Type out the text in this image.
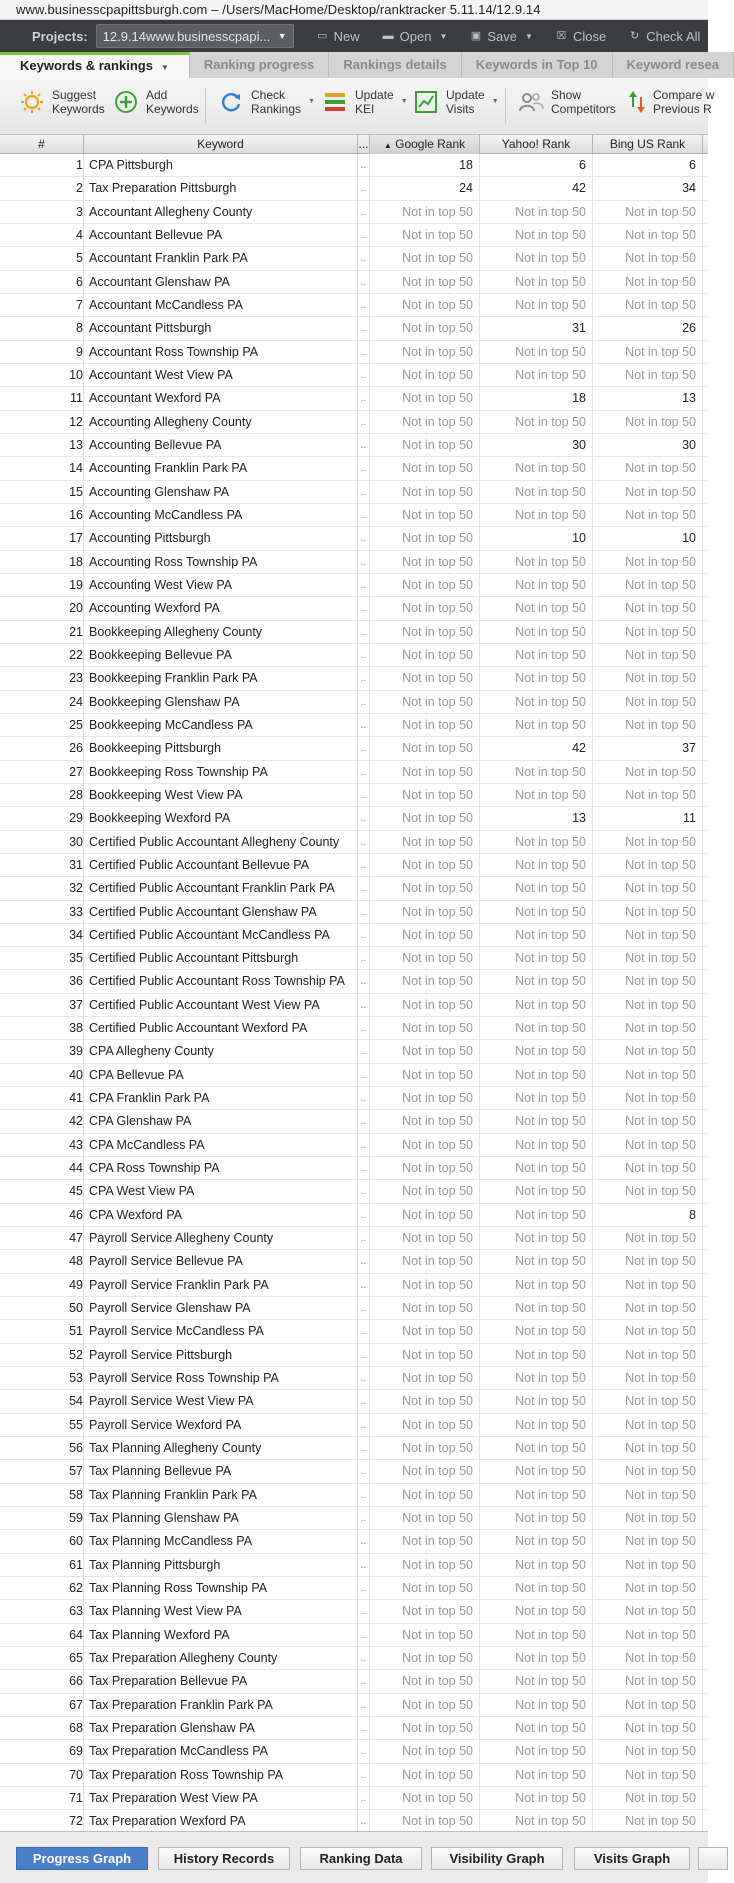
www.businesscpapittsburgh.com – /Users/MacHome/Desktop/ranktracker 5.11.14/12.9.14
Projects: 12.9.14www.businesscpapi... ▼	▭ New ▬ Open ▼ ▣ Save ▼ ☒ Close ↻ Check All
Keywords & rankings ▼	Ranking progress	Rankings details	Keywords in Top 10	Keyword resea
Suggest
Keywords
Add
Keywords
Check
Rankings
▼	Update
KEI
▼	Update
Visits
▼	Show
Competitors
Compare w
Previous R
#	Keyword	...	▲ Google Rank	Yahoo! Rank	Bing US Rank
1 CPA Pittsburgh	..	18	6	6
2 Tax Preparation Pittsburgh	..	24	42	34
3 Accountant Allegheny County	..	Not in top 50	Not in top 50	Not in top 50
4 Accountant Bellevue PA	..	Not in top 50	Not in top 50	Not in top 50
5 Accountant Franklin Park PA	..	Not in top 50	Not in top 50	Not in top 50
6 Accountant Glenshaw PA	..	Not in top 50	Not in top 50	Not in top 50
7 Accountant McCandless PA	..	Not in top 50	Not in top 50	Not in top 50
8 Accountant Pittsburgh	..	Not in top 50	31	26
9 Accountant Ross Township PA	..	Not in top 50	Not in top 50	Not in top 50
10 Accountant West View PA	..	Not in top 50	Not in top 50	Not in top 50
11 Accountant Wexford PA	..	Not in top 50	18	13
12 Accounting Allegheny County	..	Not in top 50	Not in top 50	Not in top 50
13 Accounting Bellevue PA	..	Not in top 50	30	30
14 Accounting Franklin Park PA	..	Not in top 50	Not in top 50	Not in top 50
15 Accounting Glenshaw PA	..	Not in top 50	Not in top 50	Not in top 50
16 Accounting McCandless PA	..	Not in top 50	Not in top 50	Not in top 50
17 Accounting Pittsburgh	..	Not in top 50	10	10
18 Accounting Ross Township PA	..	Not in top 50	Not in top 50	Not in top 50
19 Accounting West View PA	..	Not in top 50	Not in top 50	Not in top 50
20 Accounting Wexford PA	..	Not in top 50	Not in top 50	Not in top 50
21 Bookkeeping Allegheny County	..	Not in top 50	Not in top 50	Not in top 50
22 Bookkeeping Bellevue PA	..	Not in top 50	Not in top 50	Not in top 50
23 Bookkeeping Franklin Park PA	..	Not in top 50	Not in top 50	Not in top 50
24 Bookkeeping Glenshaw PA	..	Not in top 50	Not in top 50	Not in top 50
25 Bookkeeping McCandless PA	..	Not in top 50	Not in top 50	Not in top 50
26 Bookkeeping Pittsburgh	..	Not in top 50	42	37
27 Bookkeeping Ross Township PA	..	Not in top 50	Not in top 50	Not in top 50
28 Bookkeeping West View PA	..	Not in top 50	Not in top 50	Not in top 50
29 Bookkeeping Wexford PA	..	Not in top 50	13	11
30 Certified Public Accountant Allegheny County	..	Not in top 50	Not in top 50	Not in top 50
31 Certified Public Accountant Bellevue PA	..	Not in top 50	Not in top 50	Not in top 50
32 Certified Public Accountant Franklin Park PA	..	Not in top 50	Not in top 50	Not in top 50
33 Certified Public Accountant Glenshaw PA	..	Not in top 50	Not in top 50	Not in top 50
34 Certified Public Accountant McCandless PA	..	Not in top 50	Not in top 50	Not in top 50
35 Certified Public Accountant Pittsburgh	..	Not in top 50	Not in top 50	Not in top 50
36 Certified Public Accountant Ross Township PA	..	Not in top 50	Not in top 50	Not in top 50
37 Certified Public Accountant West View PA	..	Not in top 50	Not in top 50	Not in top 50
38 Certified Public Accountant Wexford PA	..	Not in top 50	Not in top 50	Not in top 50
39 CPA Allegheny County	..	Not in top 50	Not in top 50	Not in top 50
40 CPA Bellevue PA	..	Not in top 50	Not in top 50	Not in top 50
41 CPA Franklin Park PA	..	Not in top 50	Not in top 50	Not in top 50
42 CPA Glenshaw PA	..	Not in top 50	Not in top 50	Not in top 50
43 CPA McCandless PA	..	Not in top 50	Not in top 50	Not in top 50
44 CPA Ross Township PA	..	Not in top 50	Not in top 50	Not in top 50
45 CPA West View PA	..	Not in top 50	Not in top 50	Not in top 50
46 CPA Wexford PA	..	Not in top 50	Not in top 50	8
47 Payroll Service Allegheny County	..	Not in top 50	Not in top 50	Not in top 50
48 Payroll Service Bellevue PA	..	Not in top 50	Not in top 50	Not in top 50
49 Payroll Service Franklin Park PA	..	Not in top 50	Not in top 50	Not in top 50
50 Payroll Service Glenshaw PA	..	Not in top 50	Not in top 50	Not in top 50
51 Payroll Service McCandless PA	..	Not in top 50	Not in top 50	Not in top 50
52 Payroll Service Pittsburgh	..	Not in top 50	Not in top 50	Not in top 50
53 Payroll Service Ross Township PA	..	Not in top 50	Not in top 50	Not in top 50
54 Payroll Service West View PA	..	Not in top 50	Not in top 50	Not in top 50
55 Payroll Service Wexford PA	..	Not in top 50	Not in top 50	Not in top 50
56 Tax Planning Allegheny County	..	Not in top 50	Not in top 50	Not in top 50
57 Tax Planning Bellevue PA	..	Not in top 50	Not in top 50	Not in top 50
58 Tax Planning Franklin Park PA	..	Not in top 50	Not in top 50	Not in top 50
59 Tax Planning Glenshaw PA	..	Not in top 50	Not in top 50	Not in top 50
60 Tax Planning McCandless PA	..	Not in top 50	Not in top 50	Not in top 50
61 Tax Planning Pittsburgh	..	Not in top 50	Not in top 50	Not in top 50
62 Tax Planning Ross Township PA	..	Not in top 50	Not in top 50	Not in top 50
63 Tax Planning West View PA	..	Not in top 50	Not in top 50	Not in top 50
64 Tax Planning Wexford PA	..	Not in top 50	Not in top 50	Not in top 50
65 Tax Preparation Allegheny County	..	Not in top 50	Not in top 50	Not in top 50
66 Tax Preparation Bellevue PA	..	Not in top 50	Not in top 50	Not in top 50
67 Tax Preparation Franklin Park PA	..	Not in top 50	Not in top 50	Not in top 50
68 Tax Preparation Glenshaw PA	..	Not in top 50	Not in top 50	Not in top 50
69 Tax Preparation McCandless PA	..	Not in top 50	Not in top 50	Not in top 50
70 Tax Preparation Ross Township PA	..	Not in top 50	Not in top 50	Not in top 50
71 Tax Preparation West View PA	..	Not in top 50	Not in top 50	Not in top 50
72 Tax Preparation Wexford PA	..	Not in top 50	Not in top 50	Not in top 50
Progress Graph	History Records	Ranking Data	Visibility Graph	Visits Graph
